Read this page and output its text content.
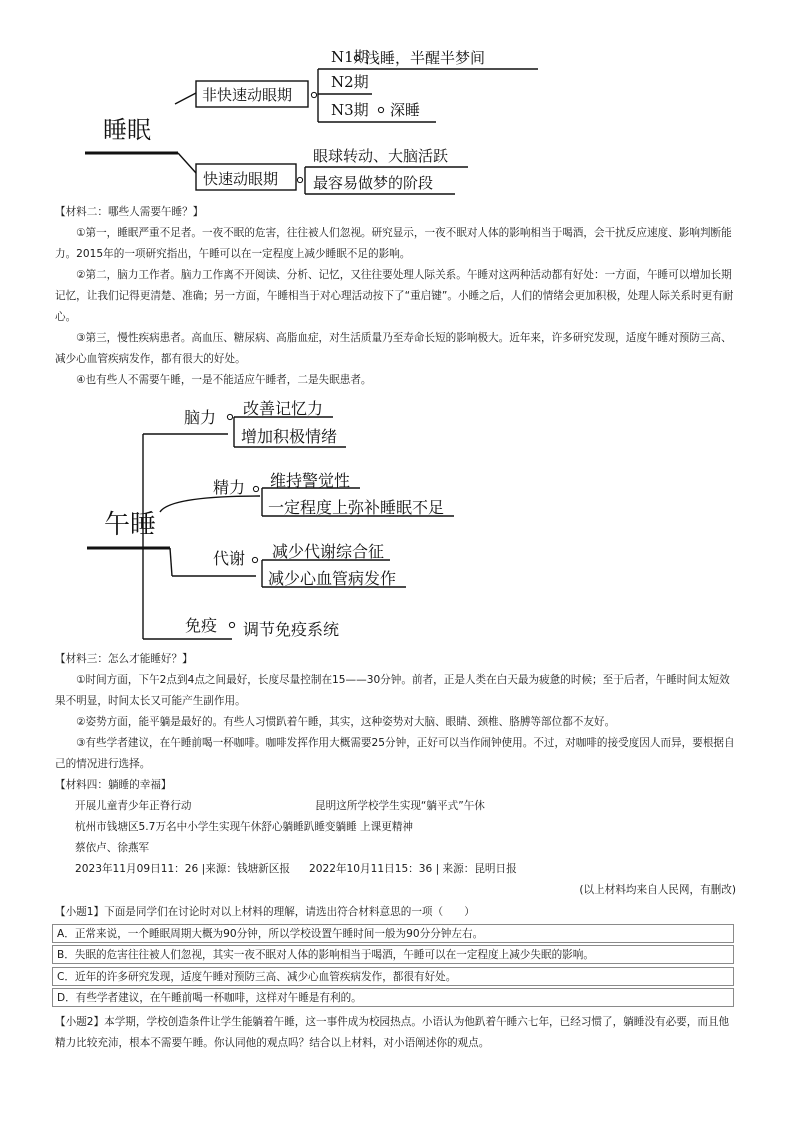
睡眠
非快速动眼期
N1期
浅睡，半醒半梦间
N2期
N3期 深睡
快速动眼期
眼球转动、大脑活跃
最容易做梦的阶段
【材料二：哪些人需要午睡？】
①第一，睡眠严重不足者。一夜不眠的危害，往往被人们忽视。研究显示，一夜不眠对人体的影响相当于喝酒，会干扰反应速度、影响判断能力。2015年的一项研究指出，午睡可以在一定程度上减少睡眠不足的影响。
②第二，脑力工作者。脑力工作离不开阅读、分析、记忆，又往往要处理人际关系。午睡对这两种活动都有好处：一方面，午睡可以增加长期记忆，让我们记得更清楚、准确；另一方面，午睡相当于对心理活动按下了“重启键”。小睡之后，人们的情绪会更加积极，处理人际关系时更有耐心。
③第三，慢性疾病患者。高血压、糖尿病、高脂血症，对生活质量乃至寿命长短的影响极大。近年来，许多研究发现，适度午睡对预防三高、减少心血管疾病发作，都有很大的好处。
④也有些人不需要午睡，一是不能适应午睡者，二是失眠患者。
午睡
脑力 改善记忆力
增加积极情绪
精力 维持警觉性
一定程度上弥补睡眠不足
代谢 减少代谢综合征
减少心血管病发作
免疫 调节免疫系统
【材料三：怎么才能睡好？】
①时间方面，下午2点到4点之间最好，长度尽量控制在15——30分钟。前者，正是人类在白天最为疲惫的时候；至于后者，午睡时间太短效果不明显，时间太长又可能产生副作用。
②姿势方面，能平躺是最好的。有些人习惯趴着午睡，其实，这种姿势对大脑、眼睛、颈椎、胳膊等部位都不友好。
③有些学者建议，在午睡前喝一杯咖啡。咖啡发挥作用大概需要25分钟，正好可以当作闹钟使用。不过，对咖啡的接受度因人而异，要根据自己的情况进行选择。
【材料四：躺睡的幸福】
开展儿童青少年正脊行动	昆明这所学校学生实现“躺平式”午休
杭州市钱塘区5.7万名中小学生实现午休舒心躺睡趴睡变躺睡 上课更精神
蔡依卢、徐燕军
2023年11月09日11：26 |来源：钱塘新区报 2022年10月11日15：36 | 来源：昆明日报
(以上材料均来自人民网，有删改)
【小题1】下面是同学们在讨论时对以上材料的理解，请选出符合材料意思的一项（　　）
A．正常来说，一个睡眠周期大概为90分钟，所以学校设置午睡时间一般为90分分钟左右。
B．失眠的危害往往被人们忽视，其实一夜不眠对人体的影响相当于喝酒，午睡可以在一定程度上减少失眠的影响。
C．近年的许多研究发现，适度午睡对预防三高、减少心血管疾病发作，都很有好处。
D．有些学者建议，在午睡前喝一杯咖啡，这样对午睡是有利的。
【小题2】本学期，学校创造条件让学生能躺着午睡，这一事件成为校园热点。小语认为他趴着午睡六七年，已经习惯了，躺睡没有必要，而且他精力比较充沛，根本不需要午睡。你认同他的观点吗？结合以上材料，对小语阐述你的观点。
